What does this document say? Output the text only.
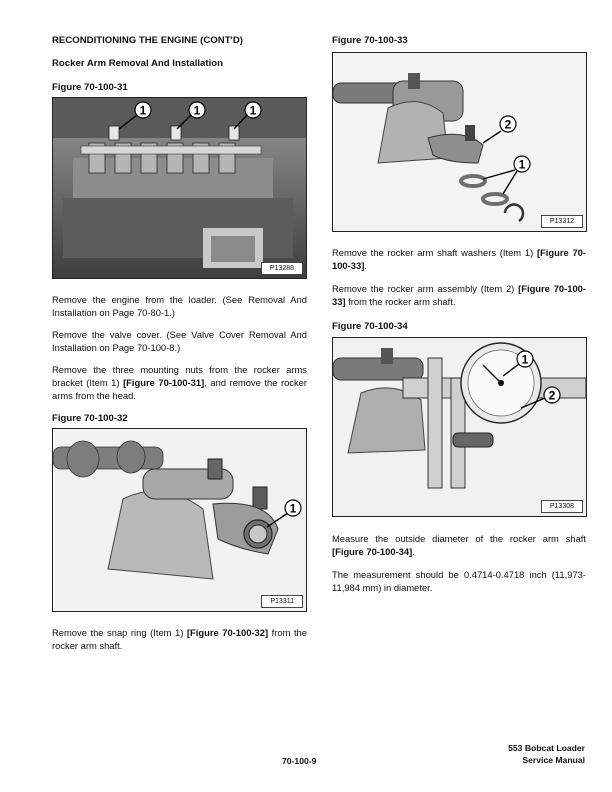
RECONDITIONING THE ENGINE (CONT'D)
Rocker Arm Removal And Installation
Figure 70-100-31
1	1	1
P13288

Remove the engine from the loader. (See Removal And Installation on Page 70-80-1.)

Remove the valve cover. (See Valve Cover Removal And Installation on Page 70-100-8.)

Remove the three mounting nuts from the rocker arms bracket (Item 1) [Figure 70-100-31], and remove the rocker arms from the head.

Figure 70-100-32
1
P13311

Remove the snap ring (Item 1) [Figure 70-100-32] from the rocker arm shaft.

Figure 70-100-33
2
1
P13312

Remove the rocker arm shaft washers (Item 1) [Figure 70-100-33].

Remove the rocker arm assembly (Item 2) [Figure 70-100-33] from the rocker arm shaft.

Figure 70-100-34
1
2
P13308

Measure the outside diameter of the rocker arm shaft [Figure 70-100-34].

The measurement should be 0.4714-0.4718 inch (11,973-11,984 mm) in diameter.

70-100-9
553 Bobcat Loader
Service Manual
